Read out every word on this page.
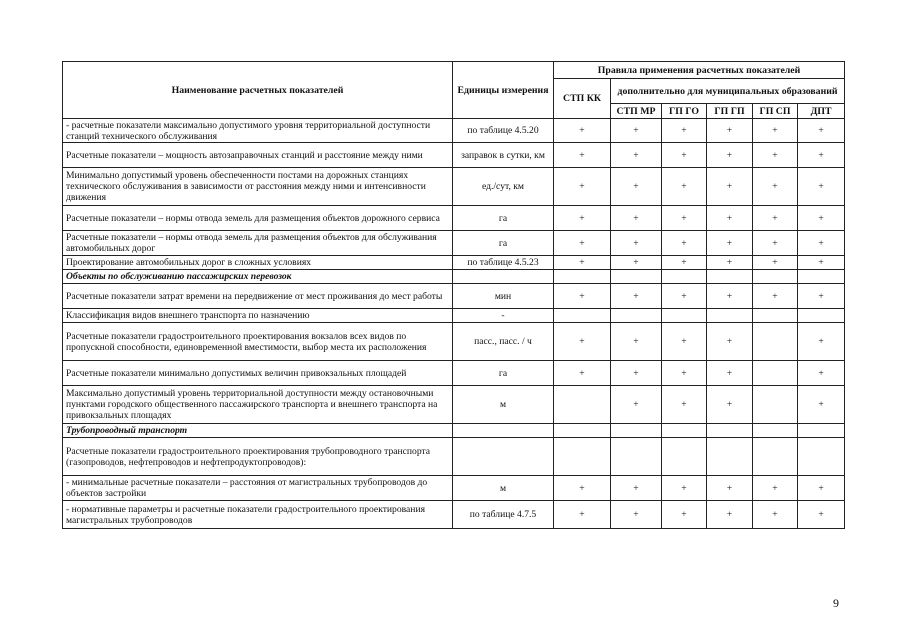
Наименование расчетных показателей	Единицы измерения	Правила применения расчетных показателей					
		СТП КК	дополнительно для муниципальных образований				
			СТП МР	ГП ГО	ГП ГП	ГП СП	ДПТ
- расчетные показатели максимально допустимого уровня территориальной доступности станций технического обслуживания	по таблице 4.5.20	+	+	+	+	+	+
Расчетные показатели – мощность автозаправочных станций и расстояние между ними	заправок в сутки, км	+	+	+	+	+	+
Минимально допустимый уровень обеспеченности постами на дорожных станциях технического обслуживания в зависимости от расстояния между ними и интенсивности движения	ед./сут, км	+	+	+	+	+	+
Расчетные показатели – нормы отвода земель для размещения объектов дорожного сервиса	га	+	+	+	+	+	+
Расчетные показатели – нормы отвода земель для размещения объектов для обслуживания автомобильных дорог	га	+	+	+	+	+	+
Проектирование автомобильных дорог в сложных условиях	по таблице 4.5.23	+	+	+	+	+	+
Объекты по обслуживанию пассажирских перевозок							
Расчетные показатели затрат времени на передвижение от мест проживания до мест работы	мин	+	+	+	+	+	+
Классификация видов внешнего транспорта по назначению	-						
Расчетные показатели градостроительного проектирования вокзалов всех видов по пропускной способности, единовременной вместимости, выбор места их расположения	пасс., пасс. / ч	+	+	+	+		+
Расчетные показатели минимально допустимых величин привокзальных площадей	га	+	+	+	+		+
Максимально допустимый уровень территориальной доступности между остановочными пунктами городского общественного пассажирского транспорта и внешнего транспорта на привокзальных площадях	м		+	+	+		+
Трубопроводный транспорт							
Расчетные показатели градостроительного проектирования трубопроводного транспорта (газопроводов, нефтепроводов и нефтепродуктопроводов):							
- минимальные расчетные показатели – расстояния от магистральных трубопроводов до объектов застройки	м	+	+	+	+	+	+
- нормативные параметры и расчетные показатели градостроительного проектирования магистральных трубопроводов	по таблице 4.7.5	+	+	+	+	+	+
9
